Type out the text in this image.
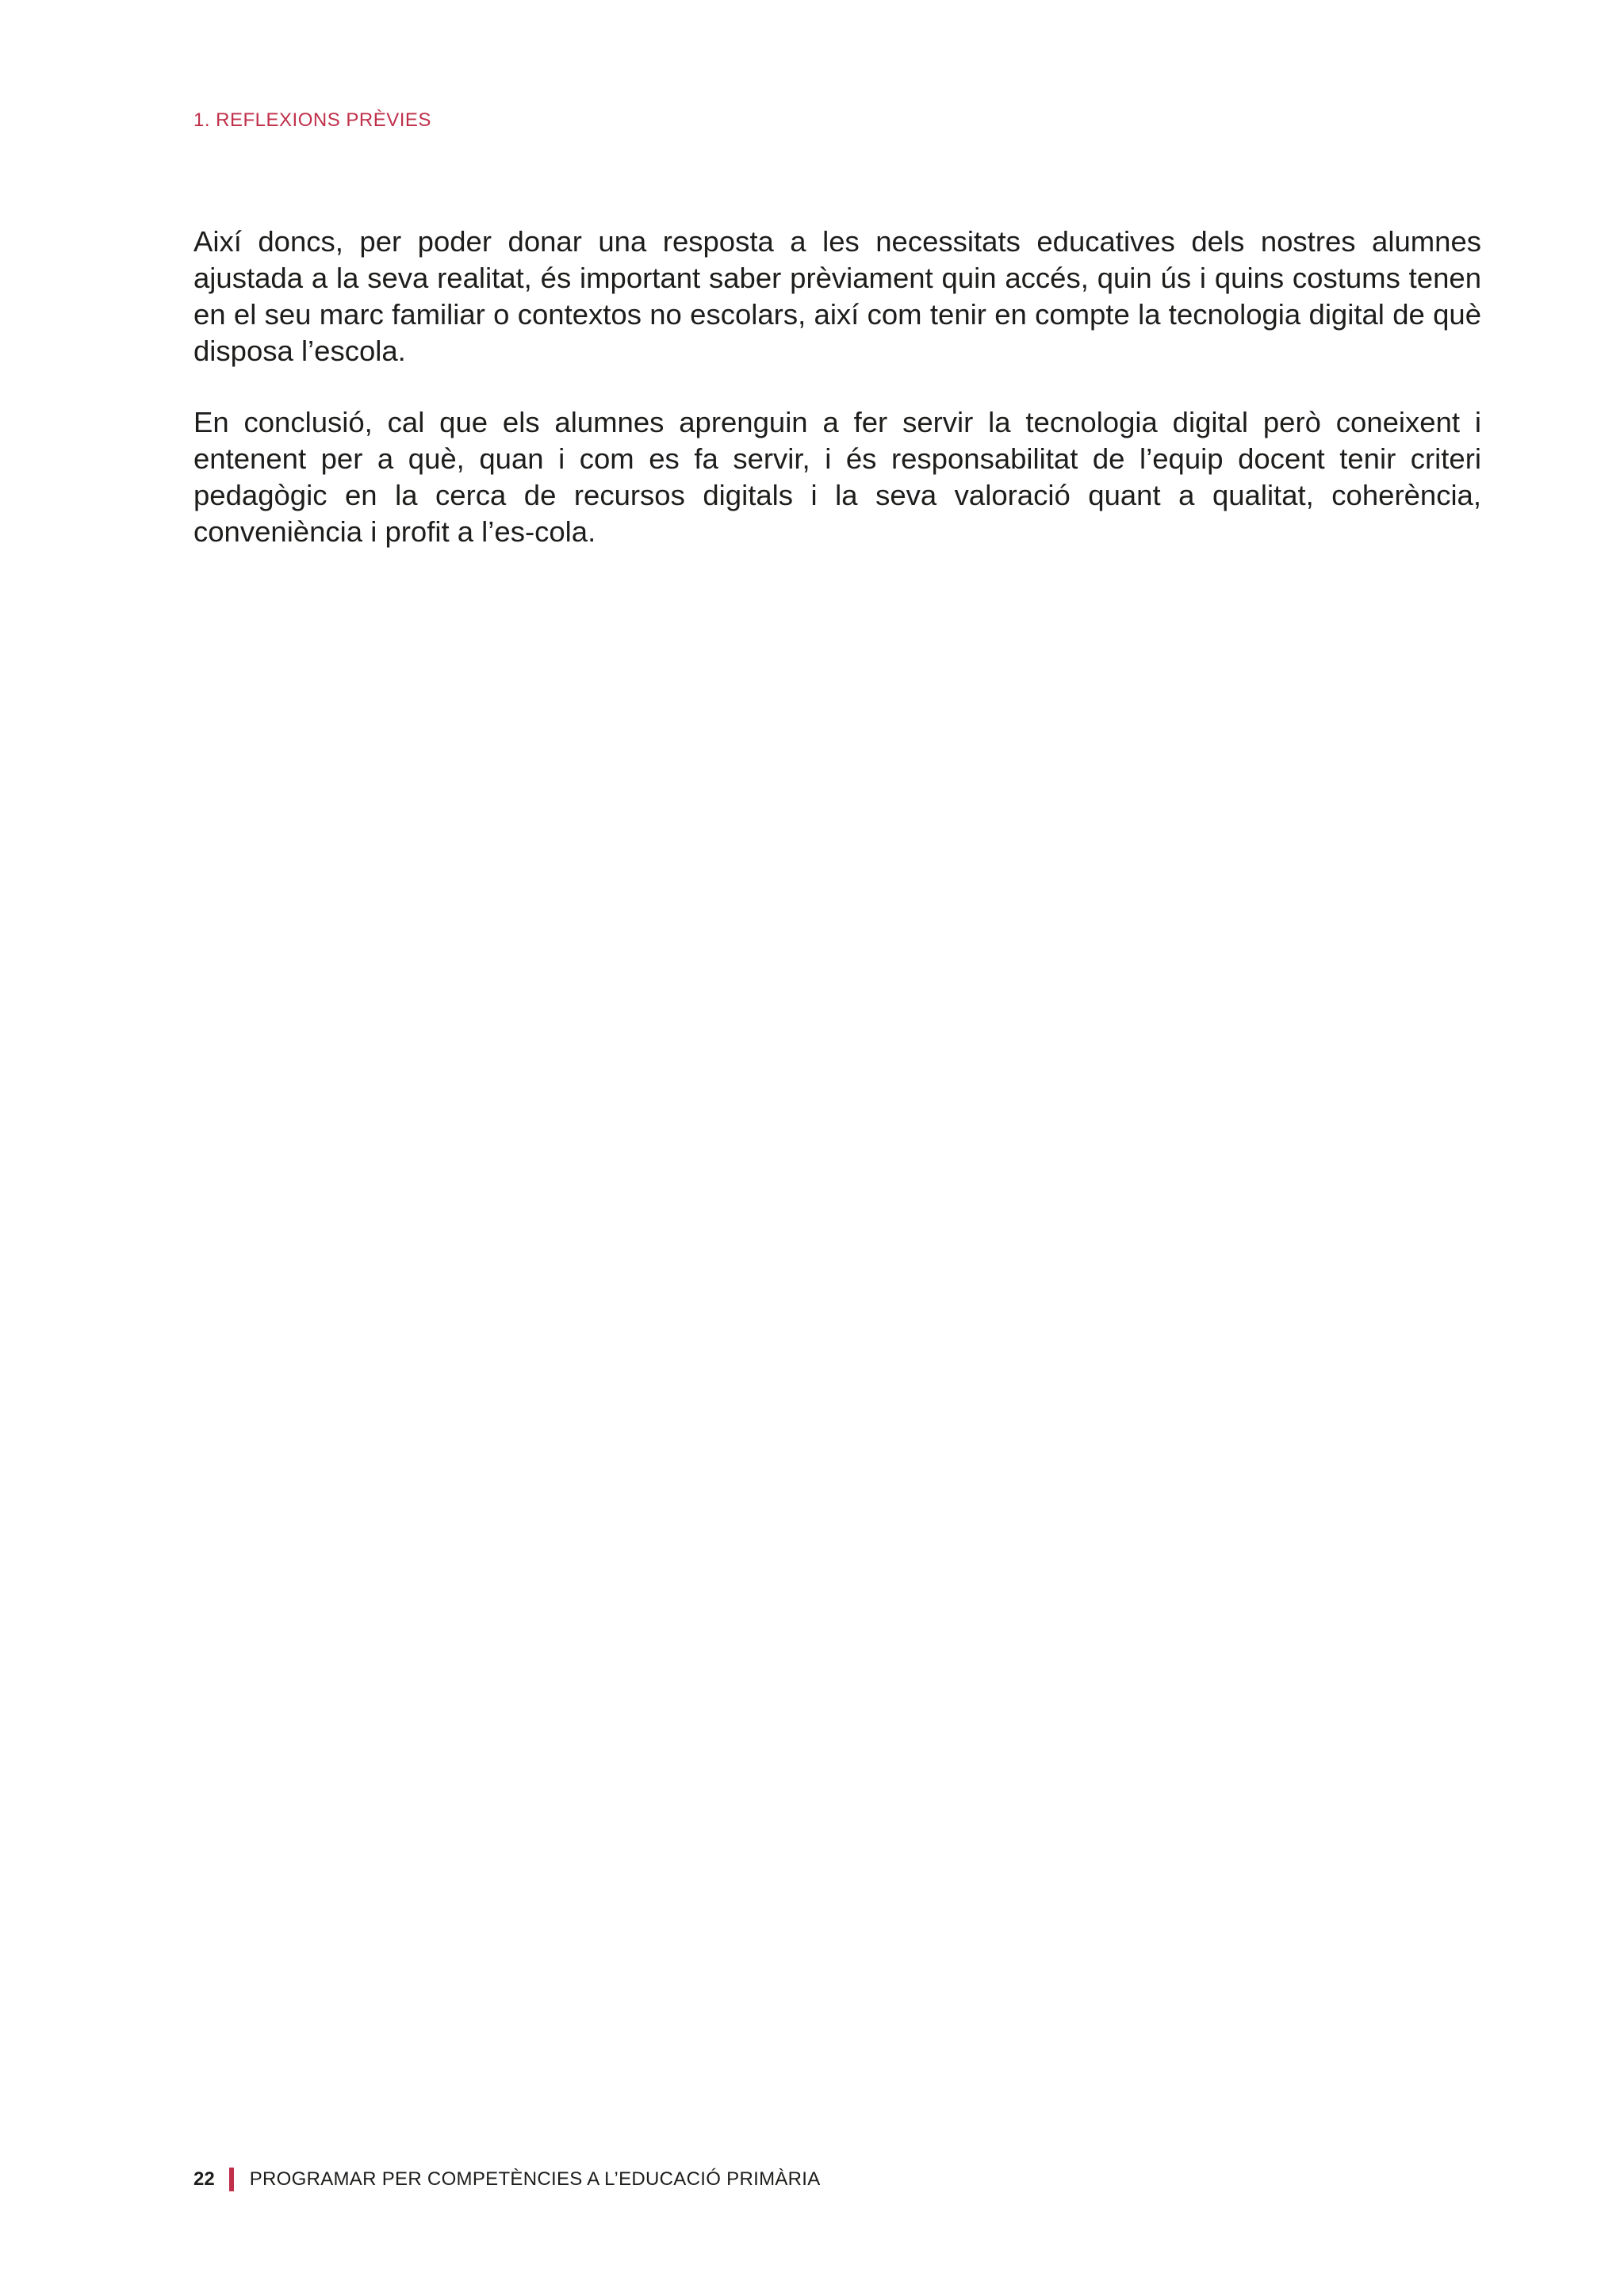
1. REFLEXIONS PRÈVIES

Així doncs, per poder donar una resposta a les necessitats educatives dels nostres alumnes ajustada a la seva realitat, és important saber prèviament quin accés, quin ús i quins costums tenen en el seu marc familiar o contextos no escolars, així com tenir en compte la tecnologia digital de què disposa l’escola.

En conclusió, cal que els alumnes aprenguin a fer servir la tecnologia digital però coneixent i entenent per a què, quan i com es fa servir, i és responsabilitat de l’equip docent tenir criteri pedagògic en la cerca de recursos digitals i la seva valoració quant a qualitat, coherència, conveniència i profit a l’es-cola.

22 PROGRAMAR PER COMPETÈNCIES A L’EDUCACIÓ PRIMÀRIA
